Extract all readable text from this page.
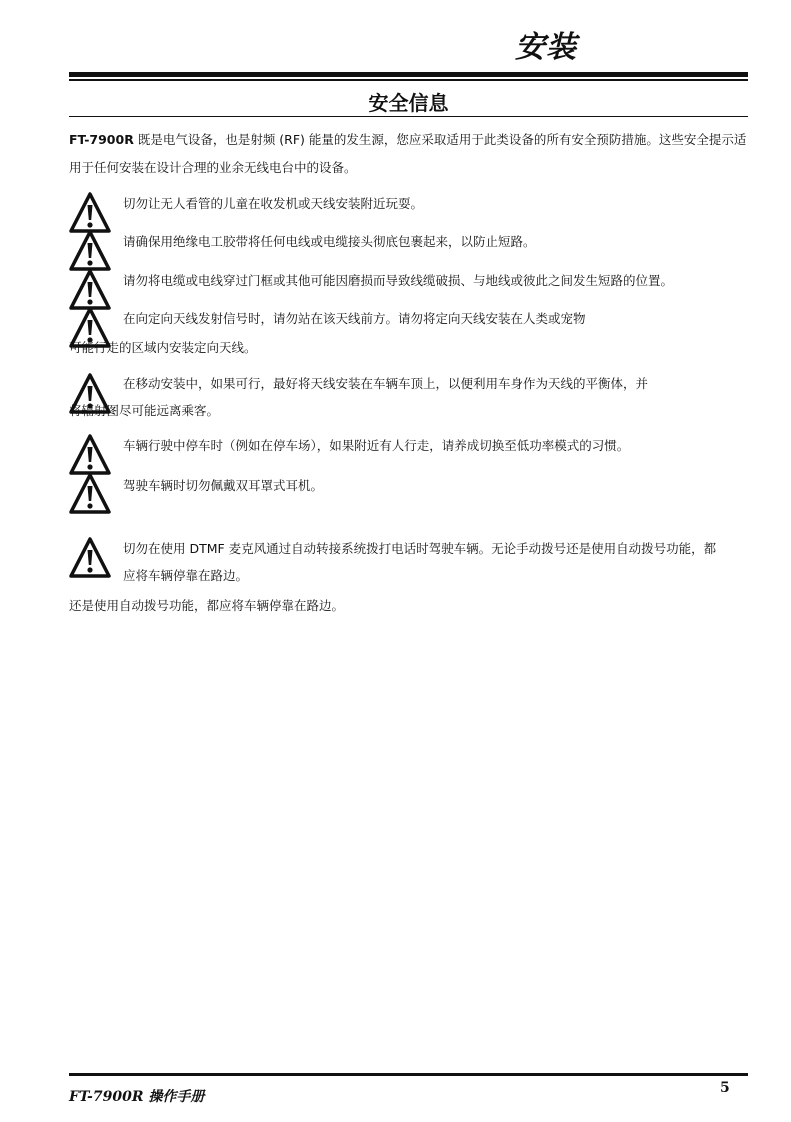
安装
安全信息
FT-7900R 既是电气设备，也是射频 (RF) 能量的发生源，您应采取适用于此类设备的所有安全预防措施。这些安全提示适用于任何安装在设计合理的业余无线电台中的设备。
切勿让无人看管的儿童在收发机或天线安装附近玩耍。
请确保用绝缘电工胶带将任何电线或电缆接头彻底包裹起来，以防止短路。
请勿将电缆或电线穿过门框或其他可能因磨损而导致线缆破损、与地线或彼此之间发生短路的位置。
在向定向天线发射信号时，请勿站在该天线前方。请勿将定向天线安装在人类或宠物
可能行走的区域内安装定向天线。
在移动安装中，如果可行，最好将天线安装在车辆车顶上，以便利用车身作为天线的平衡体，并
将辐射图尽可能远离乘客。
车辆行驶中停车时（例如在停车场），如果附近有人行走，请养成切换至低功率模式的习惯。
驾驶车辆时切勿佩戴双耳罩式耳机。
切勿在使用 DTMF 麦克风通过自动转接系统拨打电话时驾驶车辆。无论手动拨号还是使用自动拨号功能，都
应将车辆停靠在路边。
还是使用自动拨号功能，都应将车辆停靠在路边。
FT-7900R 操作手册
5
